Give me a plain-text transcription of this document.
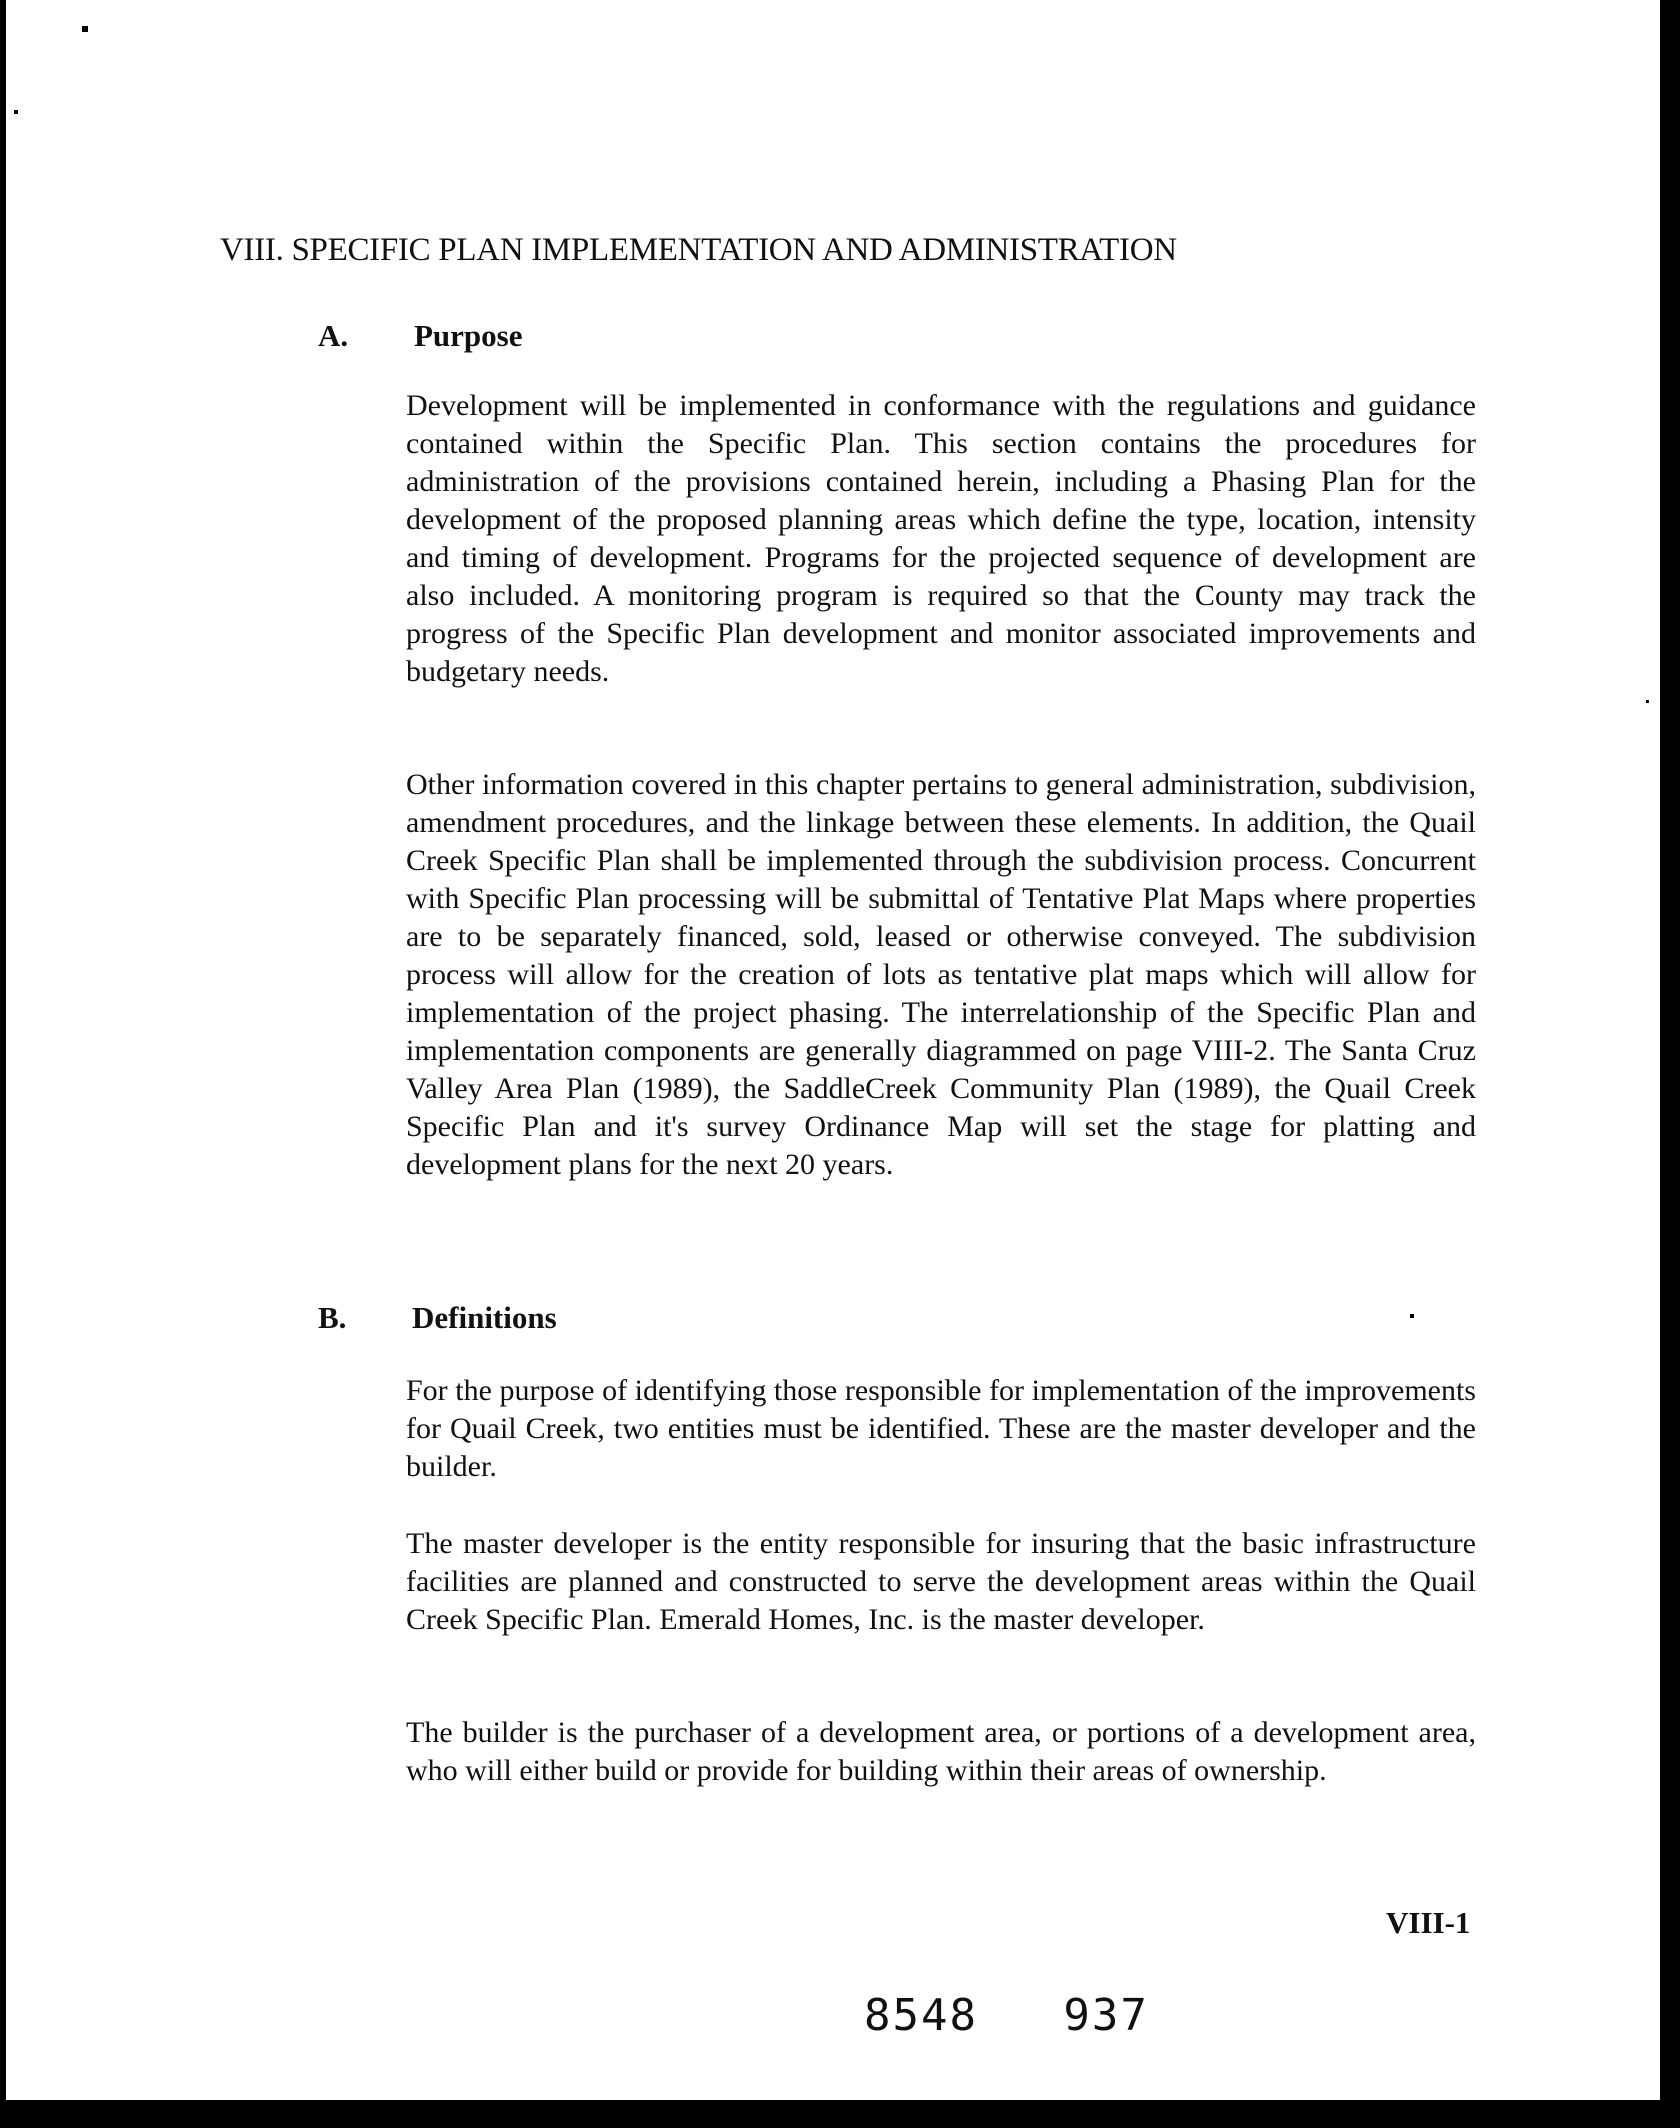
VIII. SPECIFIC PLAN IMPLEMENTATION AND ADMINISTRATION
A. Purpose

Development will be implemented in conformance with the regulations and guidance contained within the Specific Plan. This section contains the procedures for administration of the provisions contained herein, including a Phasing Plan for the development of the proposed planning areas which define the type, location, intensity and timing of development. Programs for the projected sequence of development are also included. A monitoring program is required so that the County may track the progress of the Specific Plan development and monitor associated improvements and budgetary needs.

Other information covered in this chapter pertains to general administration, subdivision, amendment procedures, and the linkage between these elements. In addition, the Quail Creek Specific Plan shall be implemented through the subdivision process. Concurrent with Specific Plan processing will be submittal of Tentative Plat Maps where properties are to be separately financed, sold, leased or otherwise conveyed. The subdivision process will allow for the creation of lots as tentative plat maps which will allow for implementation of the project phasing. The interrelationship of the Specific Plan and implementation components are generally diagrammed on page VIII-2. The Santa Cruz Valley Area Plan (1989), the SaddleCreek Community Plan (1989), the Quail Creek Specific Plan and it's survey Ordinance Map will set the stage for platting and development plans for the next 20 years.

B. Definitions

For the purpose of identifying those responsible for implementation of the improvements for Quail Creek, two entities must be identified. These are the master developer and the builder.

The master developer is the entity responsible for insuring that the basic infrastructure facilities are planned and constructed to serve the development areas within the Quail Creek Specific Plan. Emerald Homes, Inc. is the master developer.

The builder is the purchaser of a development area, or portions of a development area, who will either build or provide for building within their areas of ownership.

VIII-1
8548   937
